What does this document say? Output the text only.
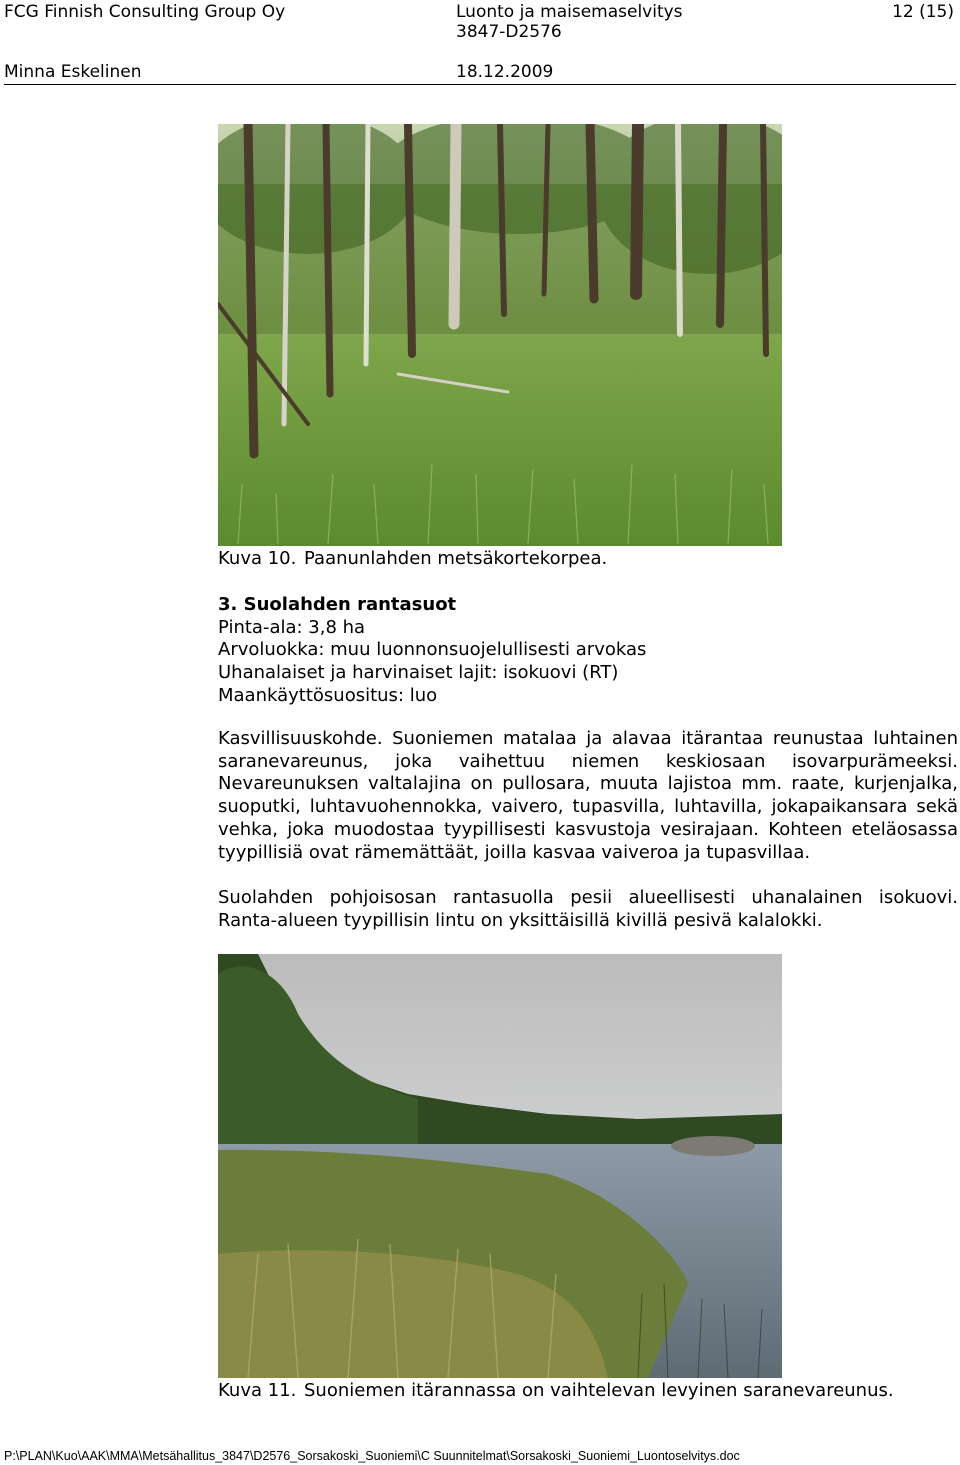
FCG Finnish Consulting Group Oy	Luonto ja maisemaselvitys
3847-D2576
12 (15)
Minna Eskelinen	18.12.2009
Kuva 10. Paanunlahden metsäkortekorpea.
3. Suolahden rantasuot
Pinta-ala: 3,8 ha
Arvoluokka: muu luonnonsuojelullisesti arvokas
Uhanalaiset ja harvinaiset lajit: isokuovi (RT)
Maankäyttösuositus: luo
Kasvillisuuskohde. Suoniemen matalaa ja alavaa itärantaa reunustaa luhtainen saranevareunus, joka vaihettuu niemen keskiosaan isovarpurämeeksi. Nevareunuksen valtalajina on pullosara, muuta lajistoa mm. raate, kurjenjalka, suoputki, luhtavuohennokka, vaivero, tupasvilla, luhtavilla, jokapaikansara sekä vehka, joka muodostaa tyypillisesti kasvustoja vesirajaan. Kohteen eteläosassa tyypillisiä ovat rämemättäät, joilla kasvaa vaiveroa ja tupasvillaa.
Suolahden pohjoisosan rantasuolla pesii alueellisesti uhanalainen isokuovi. Ranta-alueen tyypillisin lintu on yksittäisillä kivillä pesivä kalalokki.
Kuva 11. Suoniemen itärannassa on vaihtelevan levyinen saranevareunus.
P:\PLAN\Kuo\AAK\MMA\Metsähallitus_3847\D2576_Sorsakoski_Suoniemi\C Suunnitelmat\Sorsakoski_Suoniemi_Luontoselvitys.doc
